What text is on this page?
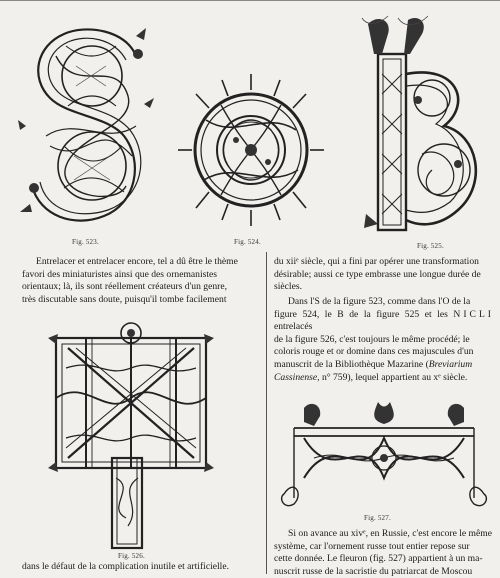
Fig. 523.	Fig. 524.	Fig. 525.

Entrelacer et entrelacer encore, tel a dû être le thème

favori des miniaturistes ainsi que des ornemanistes

orientaux; là, ils sont réellement créateurs d'un genre,

très discutable sans doute, puisqu'il tombe facilement

Fig. 526.

dans le défaut de la complication inutile et artificielle.

du xiiᵉ siècle, qui a fini par opérer une transformation

désirable; aussi ce type embrasse une longue durée de

siècles.

Dans l'S de la figure 523, comme dans l'O de la

figure 524, le B de la figure 525 et les NICLI entrelacés

de la figure 526, c'est toujours le même procédé; le

coloris rouge et or domine dans ces majuscules d'un

manuscrit de la Bibliothèque Mazarine (Breviarium

Cassinense, n° 759), lequel appartient au xᵉ siècle.

Fig. 527.

Si on avance au xivᵉ, en Russie, c'est encore le même

système, car l'ornement russe tout entier repose sur

cette donnée. Le fleuron (fig. 527) appartient à un ma-

nuscrit russe de la sacristie du patriarcat de Moscou
